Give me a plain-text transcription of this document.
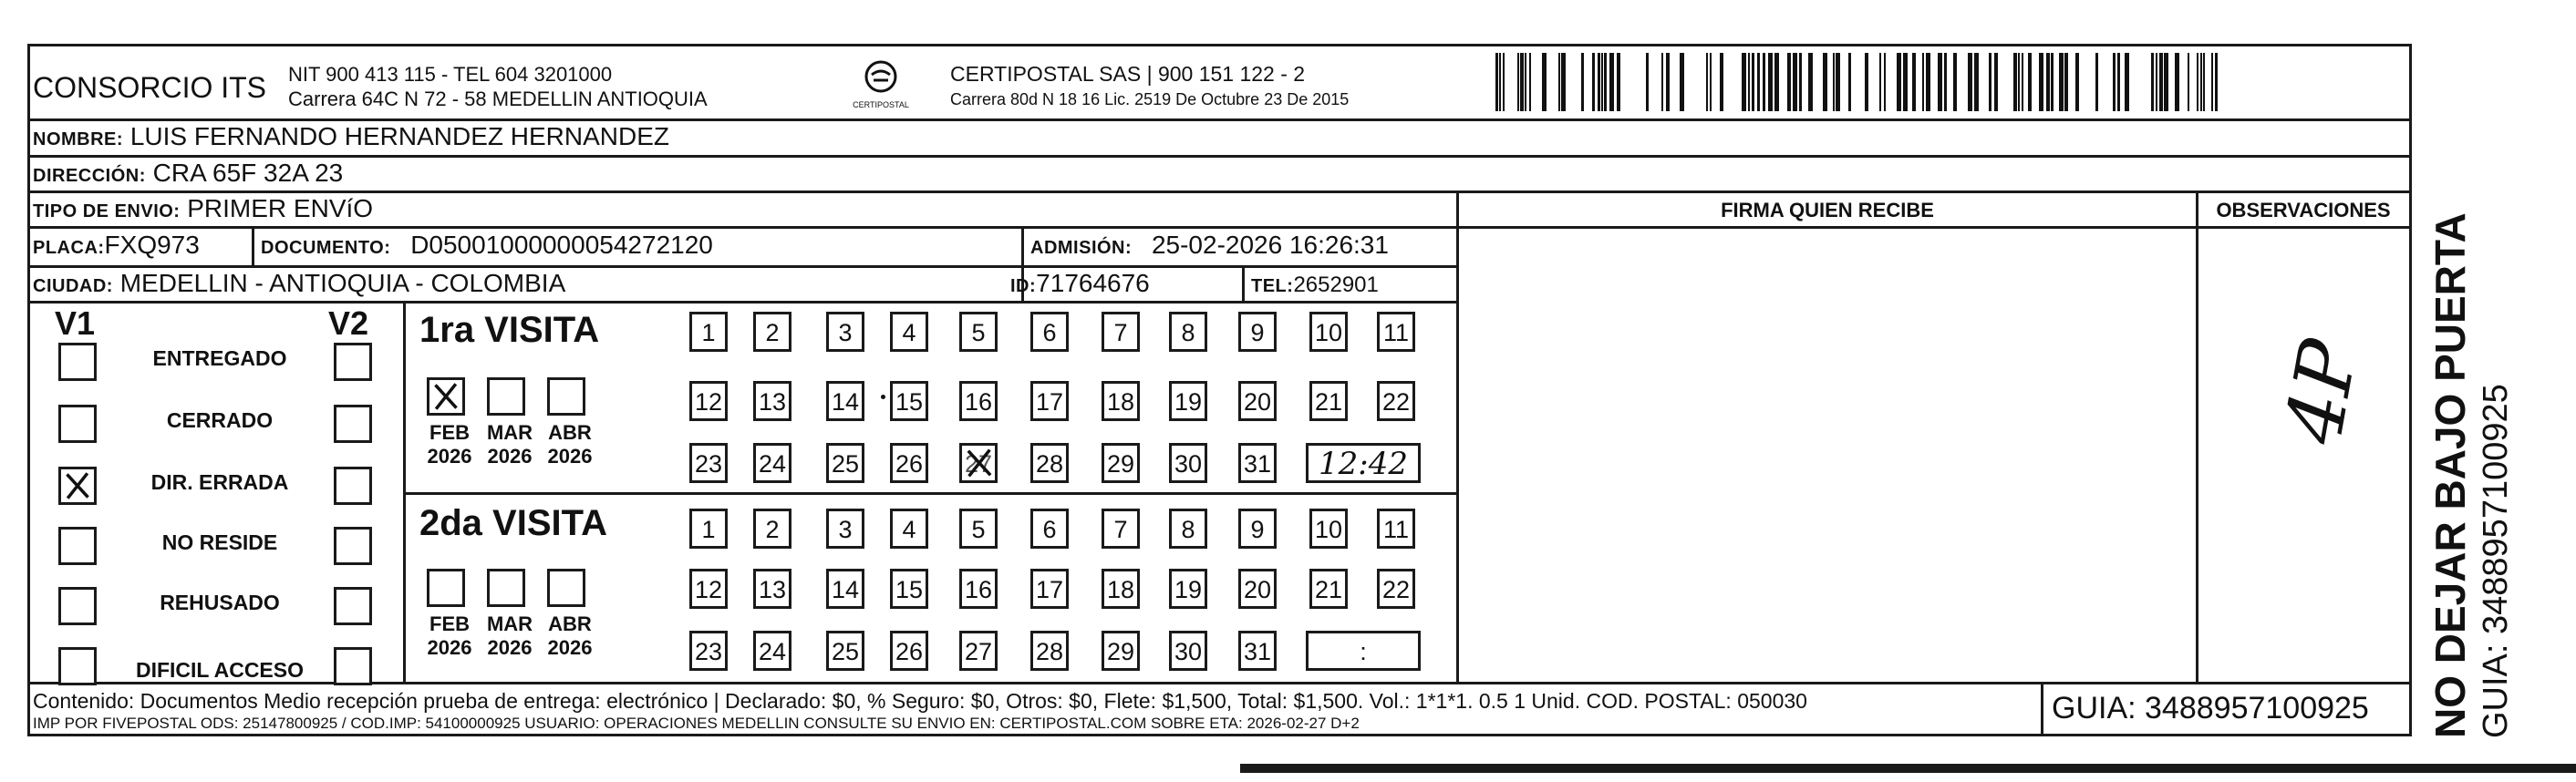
CONSORCIO ITS NIT 900 413 115 - TEL 604 3201000
Carrera 64C N 72 - 58 MEDELLIN ANTIOQUIA	CERTIPOSTAL
CERTIPOSTAL SAS | 900 151 122 - 2
Carrera 80d N 18 16 Lic. 2519 De Octubre 23 De 2015
NOMBRE: LUIS FERNANDO HERNANDEZ HERNANDEZ
DIRECCIÓN: CRA 65F 32A 23
TIPO DE ENVIO: PRIMER ENVíO
PLACA:FXQ973	DOCUMENTO: D05001000000054272120	ADMISIÓN: 25-02-2026 16:26:31
CIUDAD: MEDELLIN - ANTIOQUIA - COLOMBIA	ID:71764676	TEL:2652901
FIRMA QUIEN RECIBE	OBSERVACIONES
4P
V1	V2
ENTREGADO
CERRADO
DIR. ERRADA
NO RESIDE
REHUSADO
DIFICIL ACCESO
1ra VISITA
2da VISITA
FEB
2026
MAR
2026
ABR
2026
FEB
2026
MAR
2026
ABR
2026
1	2	3	4	5	6	7	8	9	10 11
12 13 14 15 16 17 18 19 20 21 22
23 24 25 26 27 28 29 30 31	12:42
1	2	3	4	5	6	7	8	9	10 11
12 13 14 15 16 17 18 19 20 21 22
23 24 25 26 27 28 29 30 31	:
Contenido: Documentos Medio recepción prueba de entrega: electrónico | Declarado: $0, % Seguro: $0, Otros: $0, Flete: $1,500, Total: $1,500. Vol.: 1*1*1. 0.5 1 Unid. COD. POSTAL: 050030
IMP POR FIVEPOSTAL ODS: 25147800925 / COD.IMP: 54100000925 USUARIO: OPERACIONES MEDELLIN CONSULTE SU ENVIO EN: CERTIPOSTAL.COM SOBRE ETA: 2026-02-27 D+2	GUIA: 3488957100925 NO DEJAR BAJO PUERTA GUIA: 3488957100925
